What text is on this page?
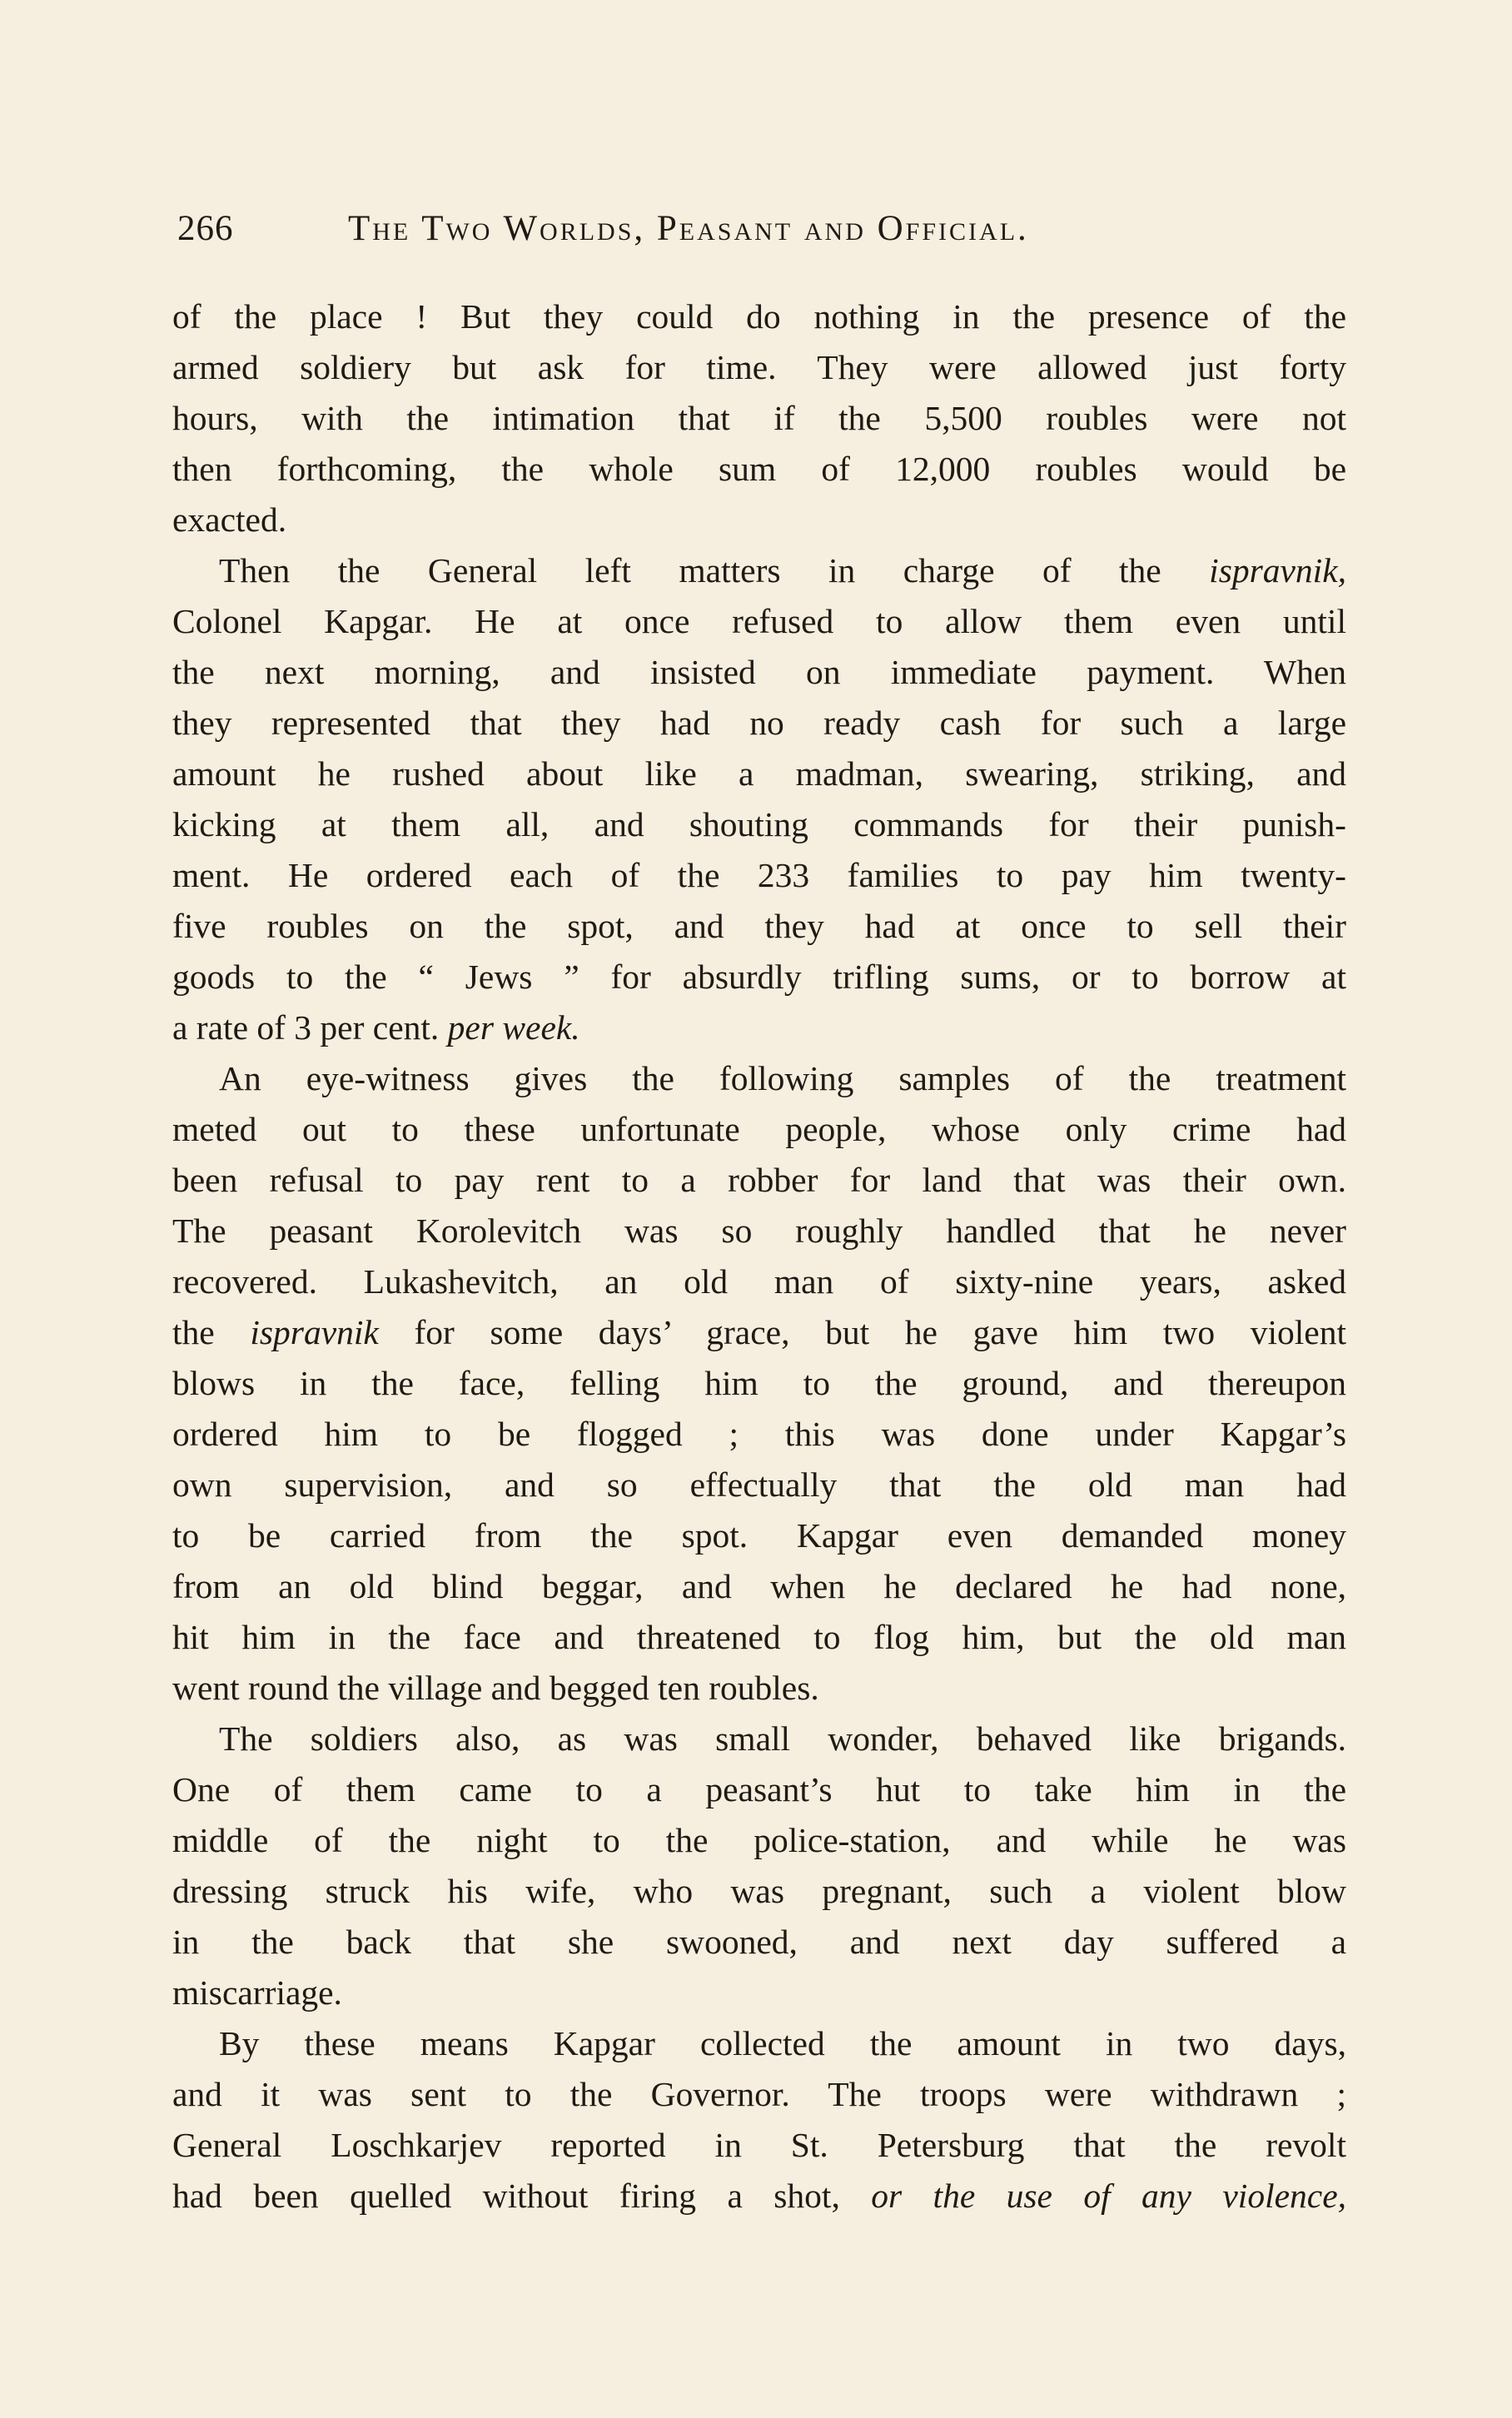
266	The Two Worlds, Peasant and Official.

of the place ! But they could do nothing in the presence of the
armed soldiery but ask for time. They were allowed just forty
hours, with the intimation that if the 5,500 roubles were not
then forthcoming, the whole sum of 12,000 roubles would be
exacted.

Then the General left matters in charge of the ispravnik,
Colonel Kapgar. He at once refused to allow them even until
the next morning, and insisted on immediate payment. When
they represented that they had no ready cash for such a large
amount he rushed about like a madman, swearing, striking, and
kicking at them all, and shouting commands for their punish-
ment. He ordered each of the 233 families to pay him twenty-
five roubles on the spot, and they had at once to sell their
goods to the “ Jews ” for absurdly trifling sums, or to borrow at
a rate of 3 per cent. per week.

An eye-witness gives the following samples of the treatment
meted out to these unfortunate people, whose only crime had
been refusal to pay rent to a robber for land that was their own.
The peasant Korolevitch was so roughly handled that he never
recovered. Lukashevitch, an old man of sixty-nine years, asked
the ispravnik for some days’ grace, but he gave him two violent
blows in the face, felling him to the ground, and thereupon
ordered him to be flogged ; this was done under Kapgar’s
own supervision, and so effectually that the old man had
to be carried from the spot. Kapgar even demanded money
from an old blind beggar, and when he declared he had none,
hit him in the face and threatened to flog him, but the old man
went round the village and begged ten roubles.

The soldiers also, as was small wonder, behaved like brigands.
One of them came to a peasant’s hut to take him in the
middle of the night to the police-station, and while he was
dressing struck his wife, who was pregnant, such a violent blow
in the back that she swooned, and next day suffered a
miscarriage.

By these means Kapgar collected the amount in two days,
and it was sent to the Governor. The troops were withdrawn ;
General Loschkarjev reported in St. Petersburg that the revolt
had been quelled without firing a shot, or the use of any violence,
